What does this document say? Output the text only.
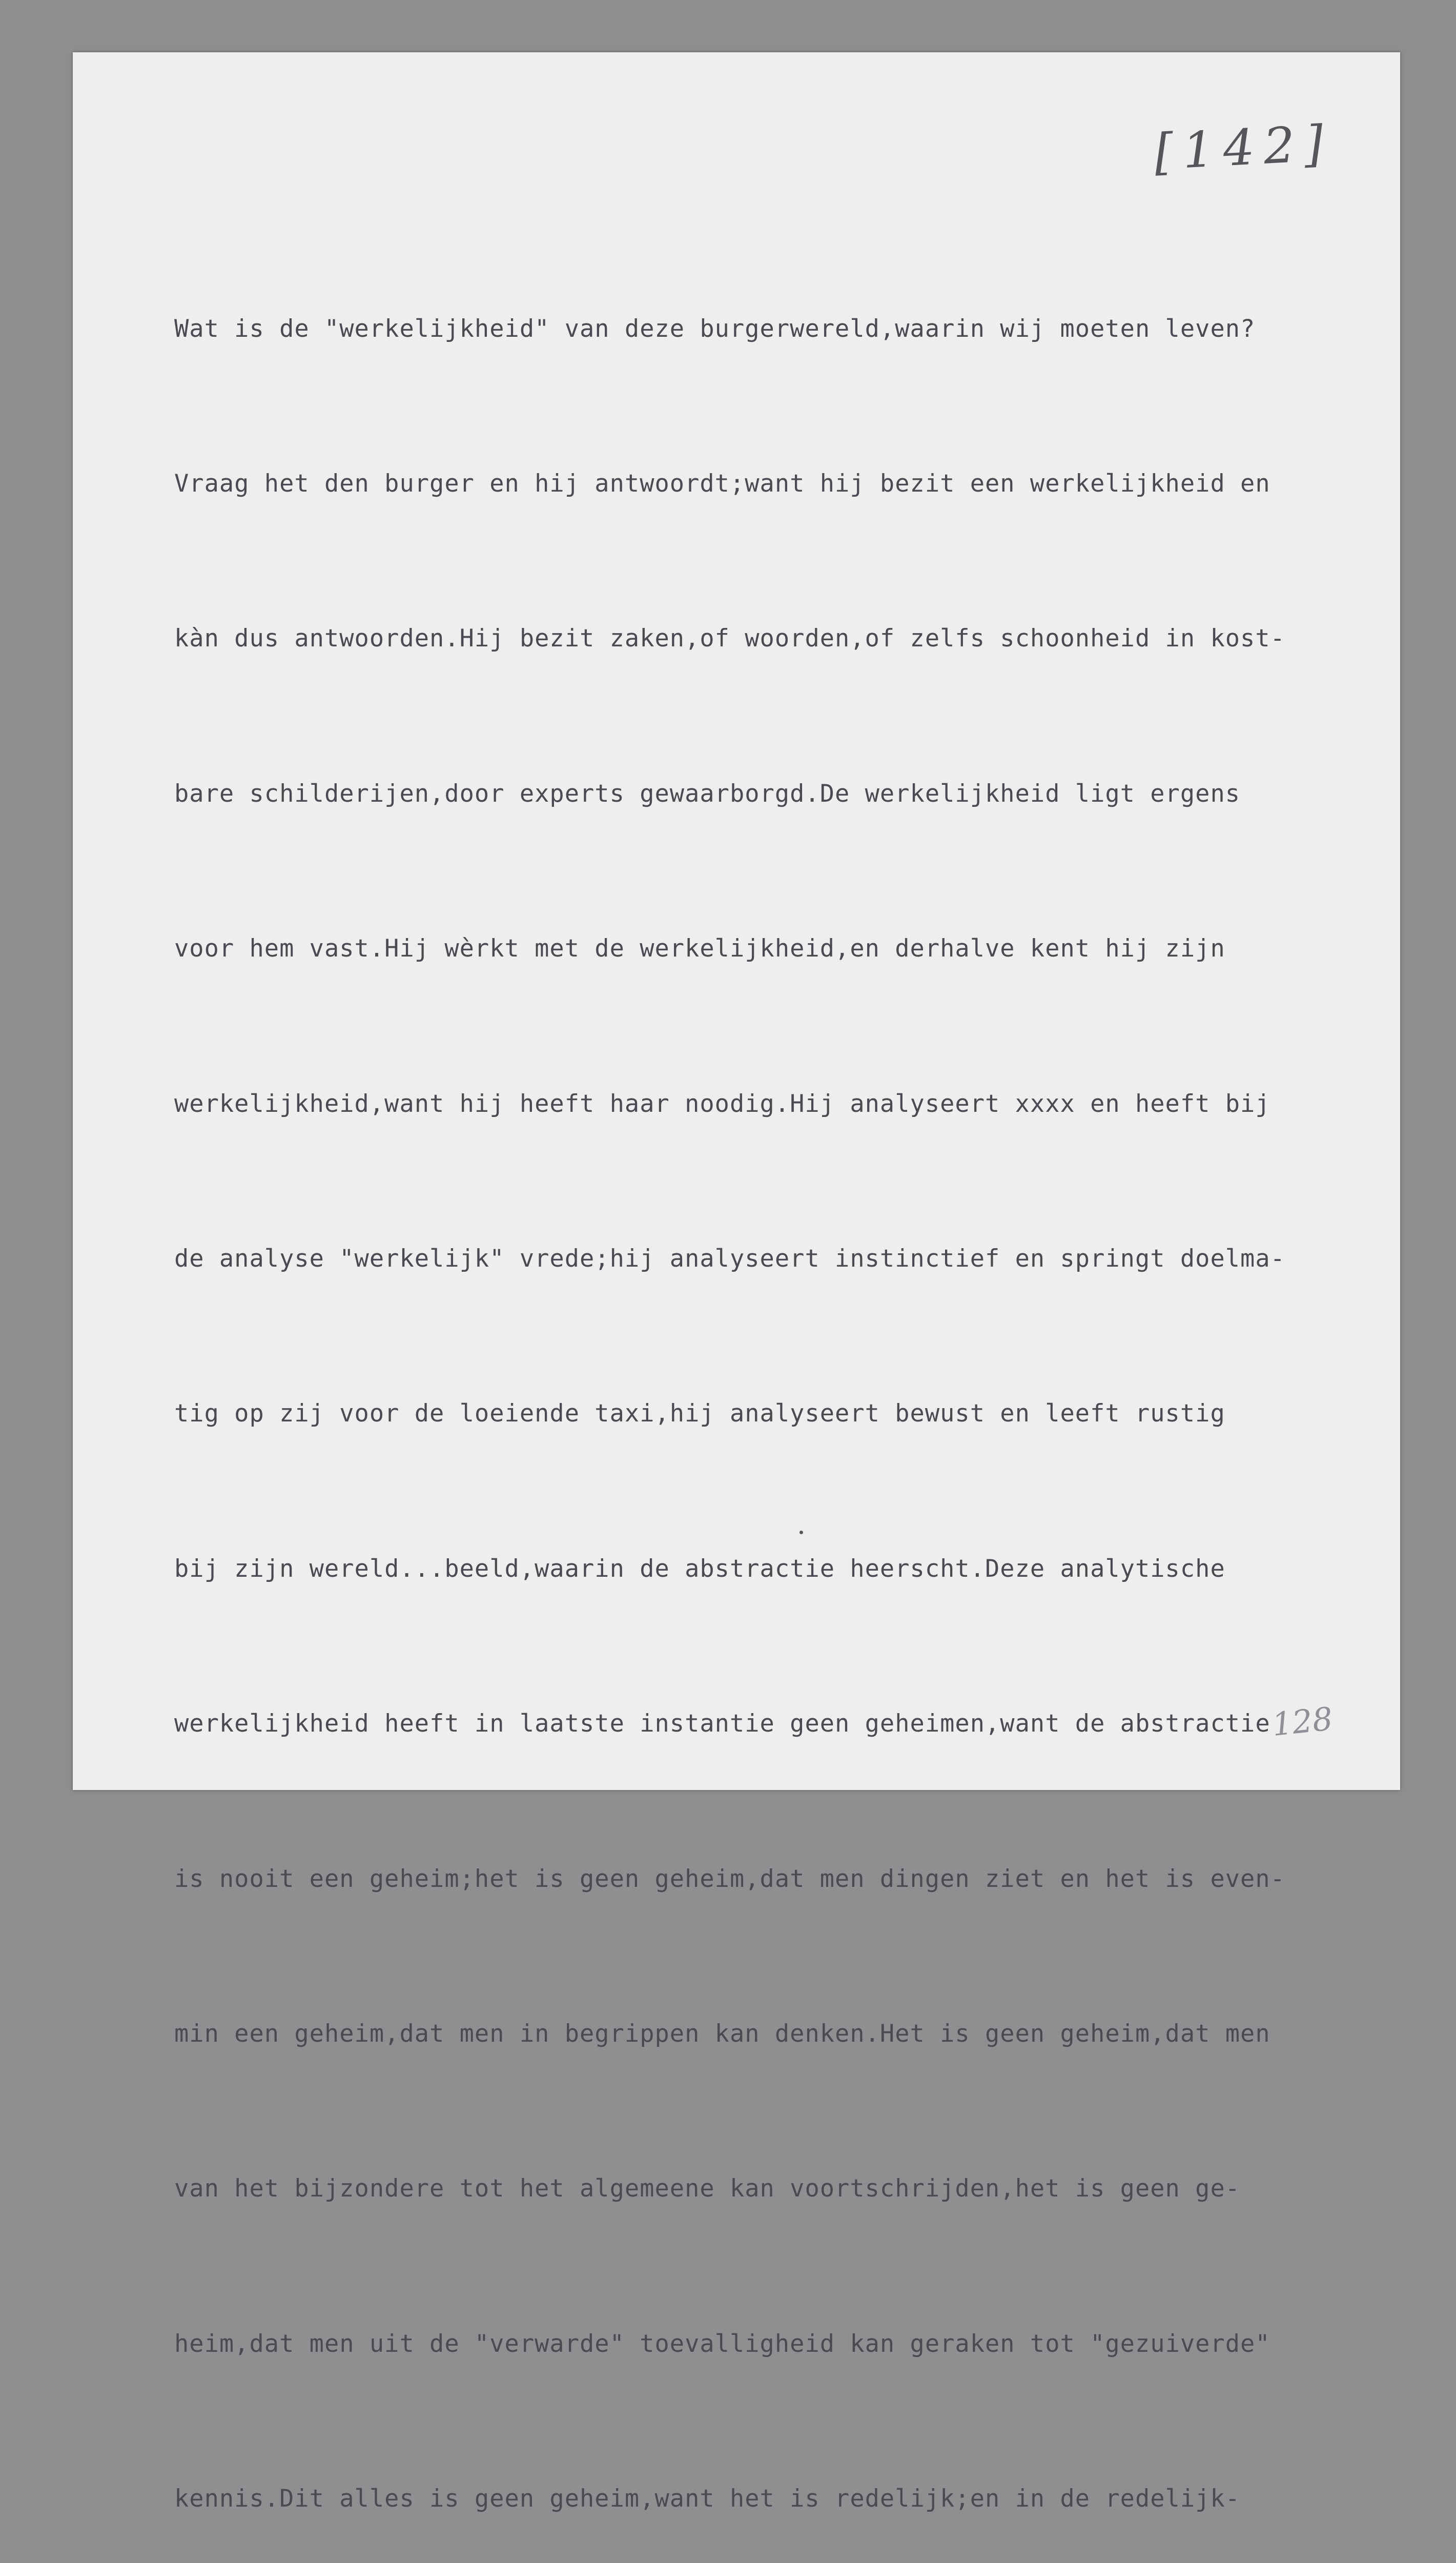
[142]

128

Wat is de "werkelijkheid" van deze burgerwereld,waarin wij moeten leven?

Vraag het den burger en hij antwoordt;want hij bezit een werkelijkheid en

kàn dus antwoorden.Hij bezit zaken,of woorden,of zelfs schoonheid in kost-

bare schilderijen,door experts gewaarborgd.De werkelijkheid ligt ergens

voor hem vast.Hij wèrkt met de werkelijkheid,en derhalve kent hij zijn

werkelijkheid,want hij heeft haar noodig.Hij analyseert xxxx en heeft bij

de analyse "werkelijk" vrede;hij analyseert instinctief en springt doelma-

tig op zij voor de loeiende taxi,hij analyseert bewust en leeft rustig

bij zijn wereld...beeld,waarin de abstractie heerscht.Deze analytische

werkelijkheid heeft in laatste instantie geen geheimen,want de abstractie

is nooit een geheim;het is geen geheim,dat men dingen ziet en het is even-

min een geheim,dat men in begrippen kan denken.Het is geen geheim,dat men

van het bijzondere tot het algemeene kan voortschrijden,het is geen ge-

heim,dat men uit de "verwarde" toevalligheid kan geraken tot "gezuiverde"

kennis.Dit alles is geen geheim,want het is redelijk;en in de redelijk-
